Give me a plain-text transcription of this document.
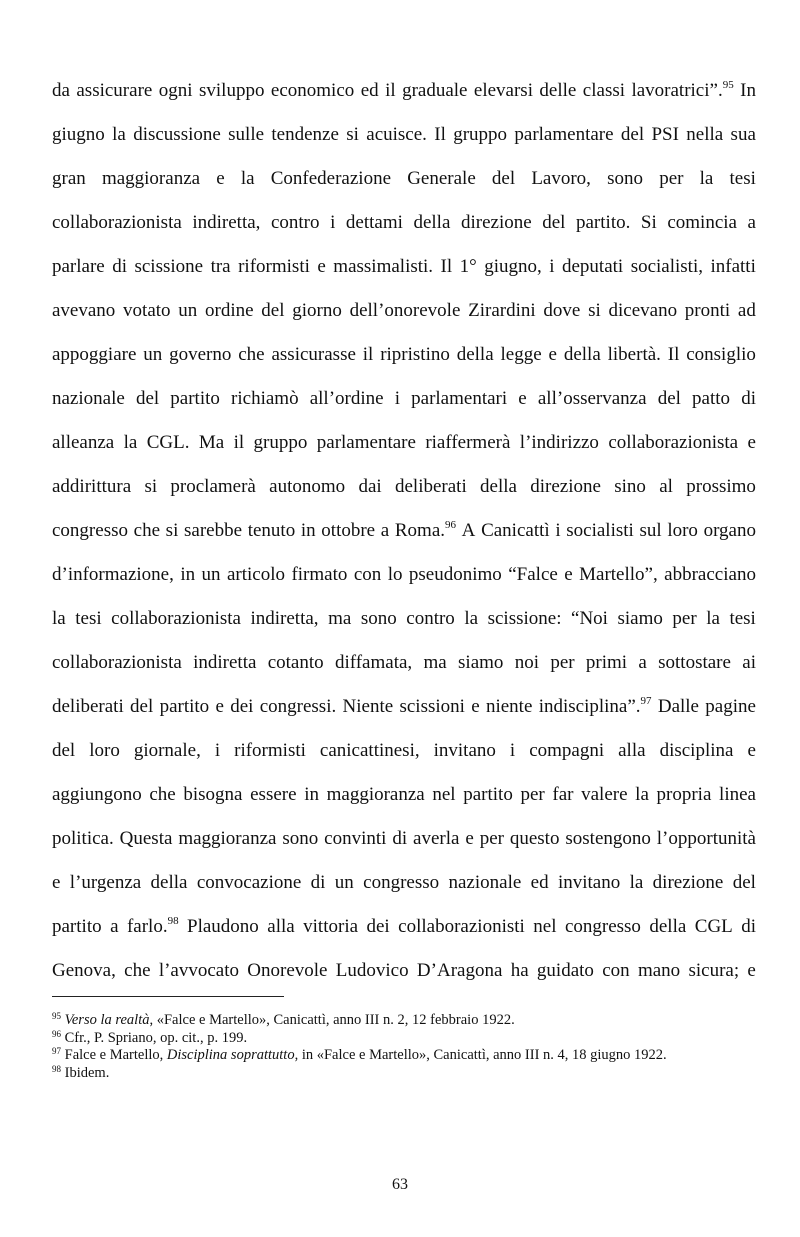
da assicurare ogni sviluppo economico ed il graduale elevarsi delle classi lavoratrici”.$^{95}$ In
giugno la discussione sulle tendenze si acuisce. Il gruppo parlamentare del PSI nella sua
gran maggioranza e la Confederazione Generale del Lavoro, sono per la tesi
collaborazionista indiretta, contro i dettami della direzione del partito. Si comincia a
parlare di scissione tra riformisti e massimalisti. Il 1° giugno, i deputati socialisti, infatti
avevano votato un ordine del giorno dell’onorevole Zirardini dove si dicevano pronti ad
appoggiare un governo che assicurasse il ripristino della legge e della libertà. Il consiglio
nazionale del partito richiamò all’ordine i parlamentari e all’osservanza del patto di
alleanza la CGL. Ma il gruppo parlamentare riaffermerà l’indirizzo collaborazionista e
addirittura si proclamerà autonomo dai deliberati della direzione sino al prossimo
congresso che si sarebbe tenuto in ottobre a Roma.$^{96}$ A Canicattì i socialisti sul loro organo
d’informazione, in un articolo firmato con lo pseudonimo “Falce e Martello”, abbracciano
la tesi collaborazionista indiretta, ma sono contro la scissione: “Noi siamo per la tesi
collaborazionista indiretta cotanto diffamata, ma siamo noi per primi a sottostare ai
deliberati del partito e dei congressi. Niente scissioni e niente indisciplina”.$^{97}$ Dalle pagine
del loro giornale, i riformisti canicattinesi, invitano i compagni alla disciplina e
aggiungono che bisogna essere in maggioranza nel partito per far valere la propria linea
politica. Questa maggioranza sono convinti di averla e per questo sostengono l’opportunità
e l’urgenza della convocazione di un congresso nazionale ed invitano la direzione del
partito a farlo.$^{98}$ Plaudono alla vittoria dei collaborazionisti nel congresso della CGL di
Genova, che l’avvocato Onorevole Ludovico D’Aragona ha guidato con mano sicura; e
$^{95}$ Verso la realtà, «Falce e Martello», Canicattì, anno III n. 2, 12 febbraio 1922.
$^{96}$ Cfr., P. Spriano, op. cit., p. 199.
$^{97}$ Falce e Martello, Disciplina soprattutto, in «Falce e Martello», Canicattì, anno III n. 4, 18 giugno 1922.
$^{98}$ Ibidem.
63
